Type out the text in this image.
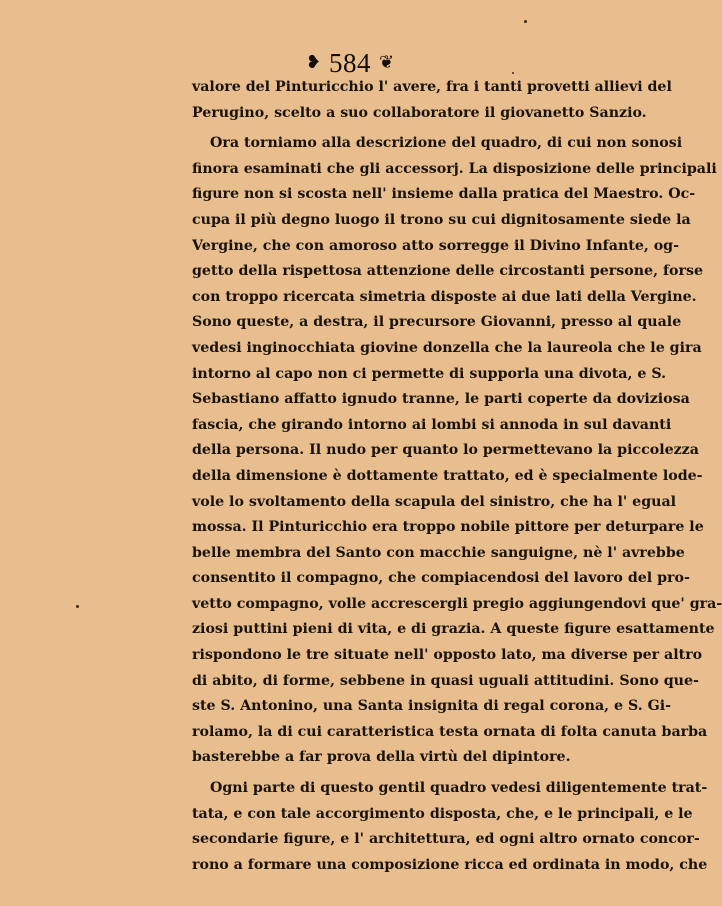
❥ 584 ❦

valore del Pinturicchio l' avere, fra i tanti provetti allievi del
Perugino, scelto a suo collaboratore il giovanetto Sanzio.

Ora torniamo alla descrizione del quadro, di cui non sonosi
finora esaminati che gli accessorj. La disposizione delle principali
figure non si scosta nell' insieme dalla pratica del Maestro. Oc-
cupa il più degno luogo il trono su cui dignitosamente siede la
Vergine, che con amoroso atto sorregge il Divino Infante, og-
getto della rispettosa attenzione delle circostanti persone, forse
con troppo ricercata simetria disposte ai due lati della Vergine.
Sono queste, a destra, il precursore Giovanni, presso al quale
vedesi inginocchiata giovine donzella che la laureola che le gira
intorno al capo non ci permette di supporla una divota, e S.
Sebastiano affatto ignudo tranne, le parti coperte da doviziosa
fascia, che girando intorno ai lombi si annoda in sul davanti
della persona. Il nudo per quanto lo permettevano la piccolezza
della dimensione è dottamente trattato, ed è specialmente lode-
vole lo svoltamento della scapula del sinistro, che ha l' egual
mossa. Il Pinturicchio era troppo nobile pittore per deturpare le
belle membra del Santo con macchie sanguigne, nè l' avrebbe
consentito il compagno, che compiacendosi del lavoro del pro-
vetto compagno, volle accrescergli pregio aggiungendovi que' gra-
ziosi puttini pieni di vita, e di grazia. A queste figure esattamente
rispondono le tre situate nell' opposto lato, ma diverse per altro
di abito, di forme, sebbene in quasi uguali attitudini. Sono que-
ste S. Antonino, una Santa insignita di regal corona, e S. Gi-
rolamo, la di cui caratteristica testa ornata di folta canuta barba
basterebbe a far prova della virtù del dipintore.

Ogni parte di questo gentil quadro vedesi diligentemente trat-
tata, e con tale accorgimento disposta, che, e le principali, e le
secondarie figure, e l' architettura, ed ogni altro ornato concor-
rono a formare una composizione ricca ed ordinata in modo, che
